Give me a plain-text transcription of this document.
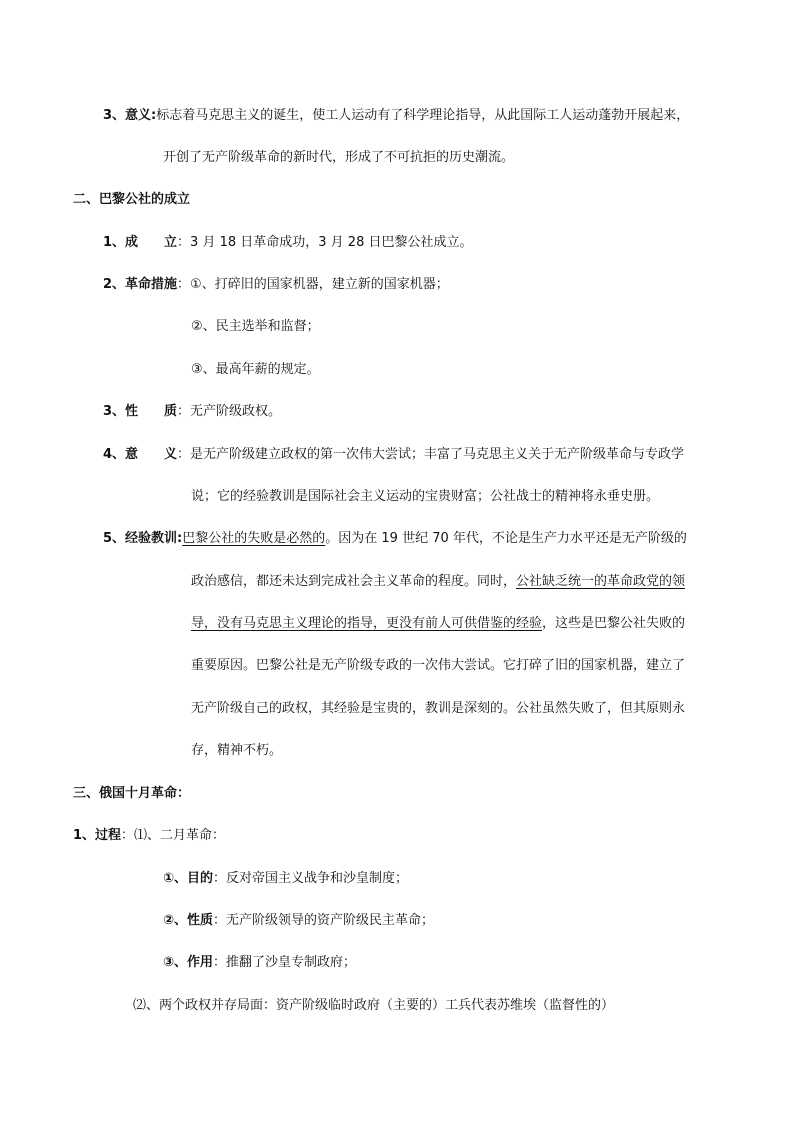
3、意义:标志着马克思主义的诞生，使工人运动有了科学理论指导，从此国际工人运动蓬勃开展起来，
开创了无产阶级革命的新时代，形成了不可抗拒的历史潮流。
二、巴黎公社的成立
1、成　　立：3 月 18 日革命成功，3 月 28 日巴黎公社成立。
2、革命措施：①、打碎旧的国家机器，建立新的国家机器；
②、民主选举和监督；
③、最高年薪的规定。
3、性　　质：无产阶级政权。
4、意　　义：是无产阶级建立政权的第一次伟大尝试；丰富了马克思主义关于无产阶级革命与专政学
说；它的经验教训是国际社会主义运动的宝贵财富；公社战士的精神将永垂史册。
5、经验教训:巴黎公社的失败是必然的。因为在 19 世纪 70 年代，不论是生产力水平还是无产阶级的
政治感信，都还未达到完成社会主义革命的程度。同时，公社缺乏统一的革命政党的领
导，没有马克思主义理论的指导，更没有前人可供借鉴的经验，这些是巴黎公社失败的
重要原因。巴黎公社是无产阶级专政的一次伟大尝试。它打碎了旧的国家机器，建立了
无产阶级自己的政权，其经验是宝贵的，教训是深刻的。公社虽然失败了，但其原则永
存，精神不朽。
三、俄国十月革命：
1、过程：⑴、二月革命：
①、目的：反对帝国主义战争和沙皇制度；
②、性质：无产阶级领导的资产阶级民主革命；
③、作用：推翻了沙皇专制政府；
⑵、两个政权并存局面：资产阶级临时政府（主要的）工兵代表苏维埃（监督性的）
